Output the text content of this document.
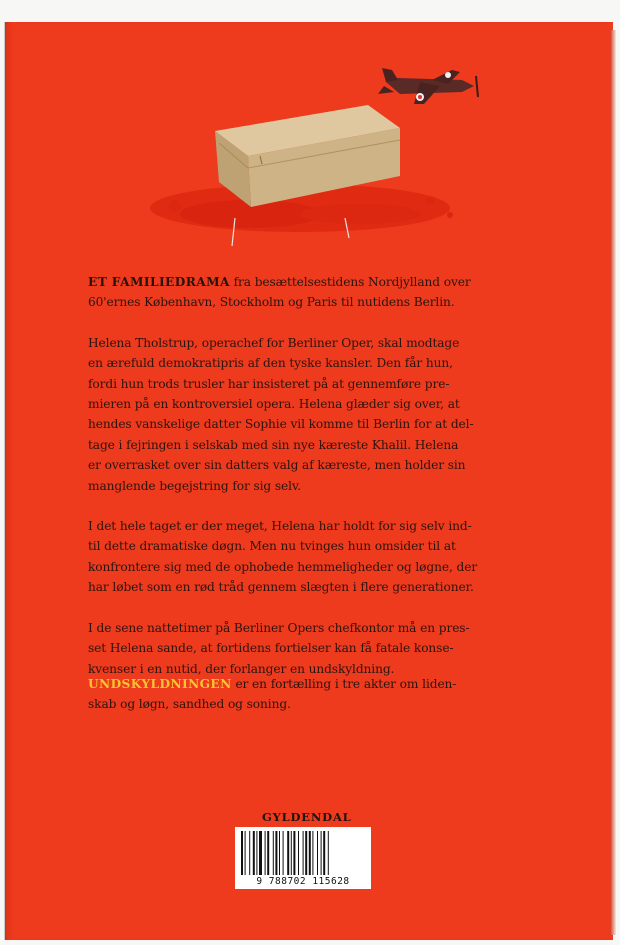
ET FAMILIEDRAMA fra besættelsestidens Nordjylland over
60'ernes København, Stockholm og Paris til nutidens Berlin.

Helena Tholstrup, operachef for Berliner Oper, skal modtage
en ærefuld demokratipris af den tyske kansler. Den får hun,
fordi hun trods trusler har insisteret på at gennemføre pre-
mieren på en kontroversiel opera. Helena glæder sig over, at
hendes vanskelige datter Sophie vil komme til Berlin for at del-
tage i fejringen i selskab med sin nye kæreste Khalil. Helena
er overrasket over sin datters valg af kæreste, men holder sin
manglende begejstring for sig selv.

I det hele taget er der meget, Helena har holdt for sig selv ind-
til dette dramatiske døgn. Men nu tvinges hun omsider til at
konfrontere sig med de ophobede hemmeligheder og løgne, der
har løbet som en rød tråd gennem slægten i flere generationer.

I de sene nattetimer på Berliner Opers chefkontor må en pres-
set Helena sande, at fortidens fortielser kan få fatale konse-
kvenser i en nutid, der forlanger en undskyldning.

UNDSKYLDNINGEN er en fortælling i tre akter om liden-
skab og løgn, sandhed og soning.

GYLDENDAL
9 788702 115628
